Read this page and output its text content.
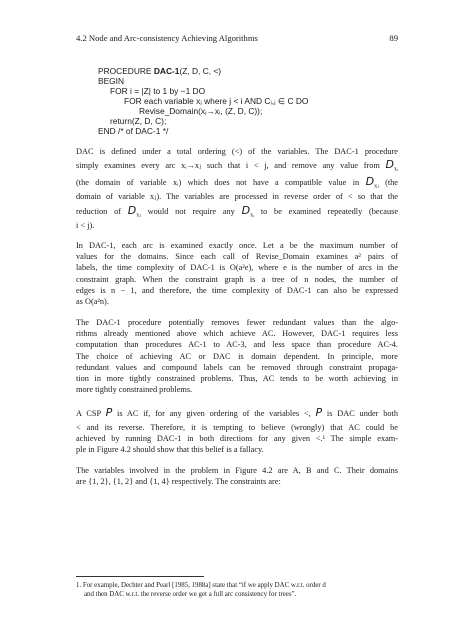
4.2 Node and Arc-consistency Achieving Algorithms	89
PROCEDURE DAC-1(Z, D, C, <)
BEGIN
FOR i = |Z| to 1 by −1 DO
FOR each variable xⱼ where j < i AND Cᵢ,ⱼ ∈ C DO
Revise_Domain(xⱼ→xᵢ, (Z, D, C));
return(Z, D, C);
END /* of DAC-1 */

DAC is defined under a total ordering (<) of the variables. The DAC-1 procedure
simply examines every arc xᵢ→xⱼ such that i < j, and remove any value from $D_{xᵢ}$
(the domain of variable xᵢ) which does not have a compatible value in $D_{xⱼ}$ (the
domain of variable xⱼ). The variables are processed in reverse order of < so that the
reduction of $D_{xⱼ}$ would not require any $D_{xᵢ}$ to be examined repeatedly (because
i < j).

In DAC-1, each arc is examined exactly once. Let a be the maximum number of
values for the domains. Since each call of Revise_Domain examines a² pairs of
labels, the time complexity of DAC-1 is O(a²e), where e is the number of arcs in the
constraint graph. When the constraint graph is a tree of n nodes, the number of
edges is n − 1, and therefore, the time complexity of DAC-1 can also be expressed
as O(a²n).

The DAC-1 procedure potentially removes fewer redundant values than the algo-
rithms already mentioned above which achieve AC. However, DAC-1 requires less
computation than procedures AC-1 to AC-3, and less space than procedure AC-4.
The choice of achieving AC or DAC is domain dependent. In principle, more
redundant values and compound labels can be removed through constraint propaga-
tion in more tightly constrained problems. Thus, AC tends to be worth achieving in
more tightly constrained problems.

A CSP P is AC if, for any given ordering of the variables <, P is DAC under both
< and its reverse. Therefore, it is tempting to believe (wrongly) that AC could be
achieved by running DAC-1 in both directions for any given <.¹ The simple exam-
ple in Figure 4.2 should show that this belief is a fallacy.

The variables involved in the problem in Figure 4.2 are A, B and C. Their domains
are {1, 2}, {1, 2} and {1, 4} respectively. The constraints are:

1. For example, Dechter and Pearl [1985, 1988a] state that “if we apply DAC w.r.t. order d
and then DAC w.r.t. the reverse order we get a full arc consistency for trees”.
